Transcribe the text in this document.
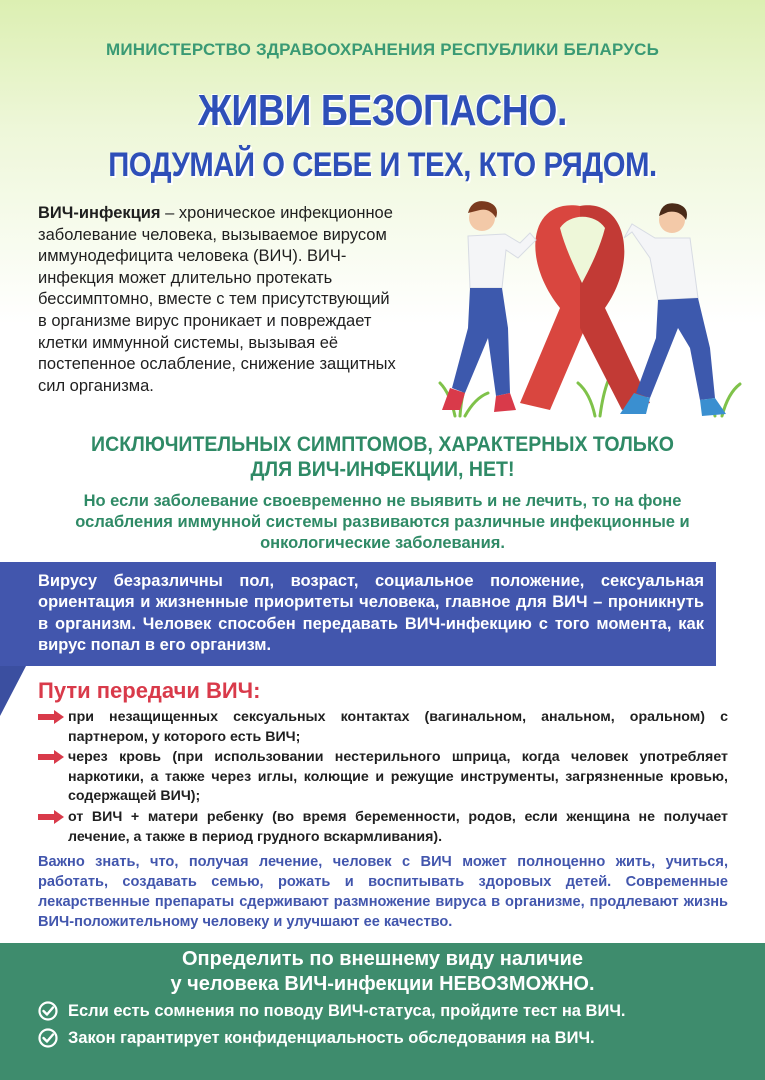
МИНИСТЕРСТВО ЗДРАВООХРАНЕНИЯ РЕСПУБЛИКИ БЕЛАРУСЬ
ЖИВИ БЕЗОПАСНО.
ПОДУМАЙ О СЕБЕ И ТЕХ, КТО РЯДОМ.
ВИЧ-инфекция – хроническое инфекционное заболевание человека, вызываемое вирусом иммунодефицита человека (ВИЧ). ВИЧ-инфекция может длительно протекать бессимптомно, вместе с тем присутствующий в организме вирус проникает и повреждает клетки иммунной системы, вызывая её постепенное ослабление, снижение защитных сил организма.
ИСКЛЮЧИТЕЛЬНЫХ СИМПТОМОВ, ХАРАКТЕРНЫХ ТОЛЬКО
ДЛЯ ВИЧ-ИНФЕКЦИИ, НЕТ!
Но если заболевание своевременно не выявить и не лечить, то на фоне ослабления иммунной системы развиваются различные инфекционные и онкологические заболевания.
Вирусу безразличны пол, возраст, социальное положение, сексуальная ориентация и жизненные приоритеты человека, главное для ВИЧ – проникнуть в организм. Человек способен передавать ВИЧ-инфекцию с того момента, как вирус попал в его организм.
Пути передачи ВИЧ:
при незащищенных сексуальных контактах (вагинальном, анальном, оральном) с партнером, у которого есть ВИЧ;
через кровь (при использовании нестерильного шприца, когда человек употребляет наркотики, а также через иглы, колющие и режущие инструменты, загрязненные кровью, содержащей ВИЧ);
от ВИЧ + матери ребенку (во время беременности, родов, если женщина не получает лечение, а также в период грудного вскармливания).
Важно знать, что, получая лечение, человек с ВИЧ может полноценно жить, учиться, работать, создавать семью, рожать и воспитывать здоровых детей. Современные лекарственные препараты сдерживают размножение вируса в организме, продлевают жизнь ВИЧ-положительному человеку и улучшают ее качество.
Определить по внешнему виду наличие
у человека ВИЧ-инфекции НЕВОЗМОЖНО.
Если есть сомнения по поводу ВИЧ-статуса, пройдите тест на ВИЧ.
Закон гарантирует конфиденциальность обследования на ВИЧ.
